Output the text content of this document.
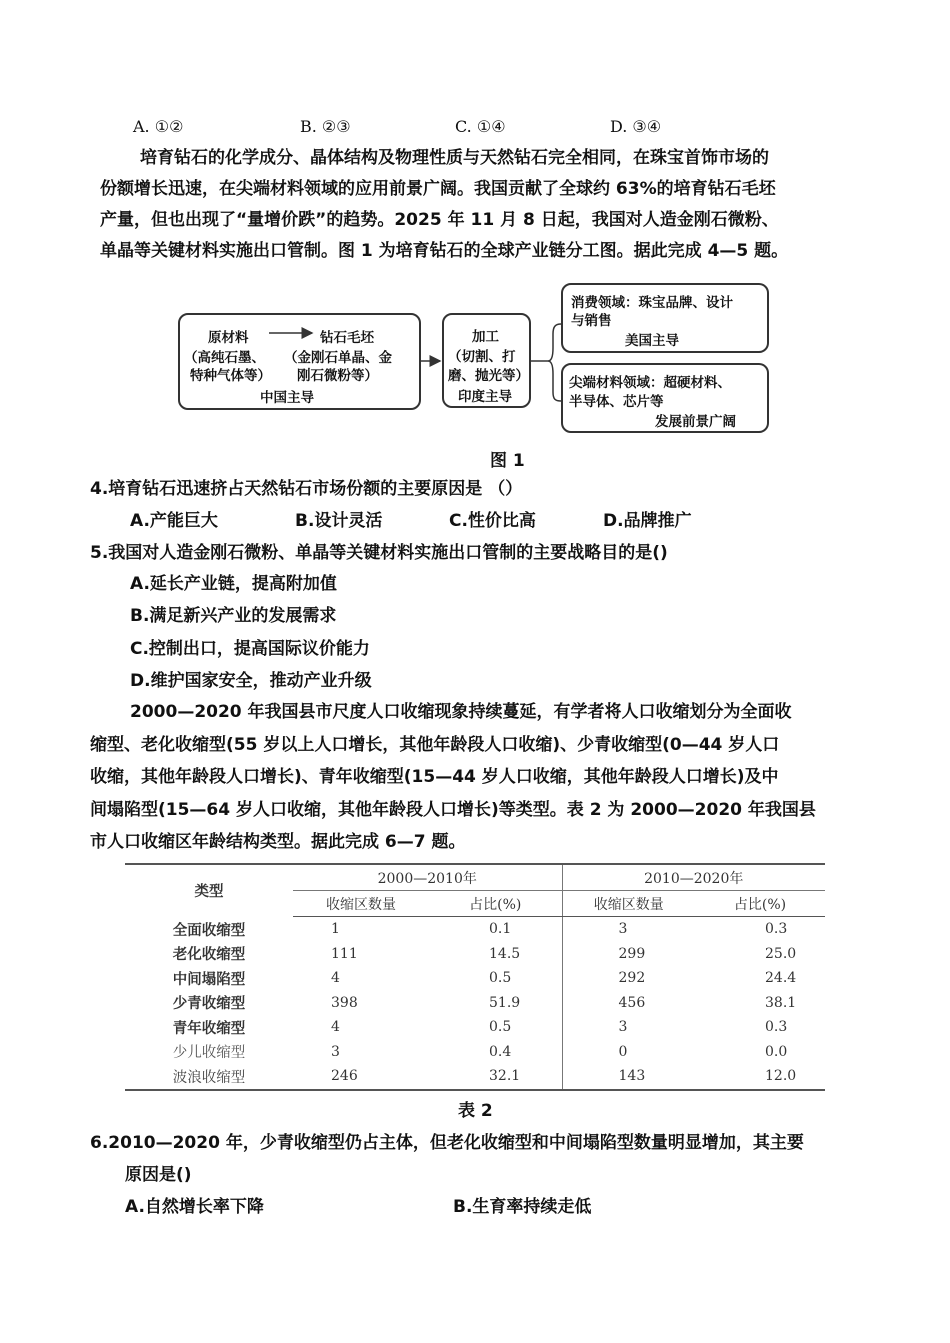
A. ①②	B. ②③	C. ①④	D. ③④
培育钻石的化学成分、晶体结构及物理性质与天然钻石完全相同，在珠宝首饰市场的
份额增长迅速，在尖端材料领域的应用前景广阔。我国贡献了全球约 63%的培育钻石毛坯
产量，但也出现了“量增价跌”的趋势。2025 年 11 月 8 日起，我国对人造金刚石微粉、
单晶等关键材料实施出口管制。图 1 为培育钻石的全球产业链分工图。据此完成 4—5 题。
原材料	钻石毛坯
（高纯石墨、 （金刚石单晶、金
特种气体等） 刚石微粉等）
中国主导
加工
（切割、打
磨、抛光等）
印度主导
消费领域：珠宝品牌、设计
与销售
美国主导
尖端材料领域：超硬材料、
半导体、芯片等
发展前景广阔
图 1
4.培育钻石迅速挤占天然钻石市场份额的主要原因是 （）
A.产能巨大	B.设计灵活	C.性价比高	D.品牌推广
5.我国对人造金刚石微粉、单晶等关键材料实施出口管制的主要战略目的是()
A.延长产业链，提高附加值
B.满足新兴产业的发展需求
C.控制出口，提高国际议价能力
D.维护国家安全，推动产业升级
2000—2020 年我国县市尺度人口收缩现象持续蔓延，有学者将人口收缩划分为全面收
缩型、老化收缩型(55 岁以上人口增长，其他年龄段人口收缩)、少青收缩型(0—44 岁人口
收缩，其他年龄段人口增长)、青年收缩型(15—44 岁人口收缩，其他年龄段人口增长)及中
间塌陷型(15—64 岁人口收缩，其他年龄段人口增长)等类型。表 2 为 2000—2020 年我国县
市人口收缩区年龄结构类型。据此完成 6—7 题。
类型	2000—2010年		2010—2020年	
	收缩区数量	占比(%)	收缩区数量	占比(%)
全面收缩型	1	0.1	3	0.3
老化收缩型	111	14.5	299	25.0
中间塌陷型	4	0.5	292	24.4
少青收缩型	398	51.9	456	38.1
青年收缩型	4	0.5	3	0.3
少儿收缩型	3	0.4	0	0.0
波浪收缩型	246	32.1	143	12.0
表 2
6.2010—2020 年，少青收缩型仍占主体，但老化收缩型和中间塌陷型数量明显增加，其主要
原因是()
A.自然增长率下降	B.生育率持续走低
